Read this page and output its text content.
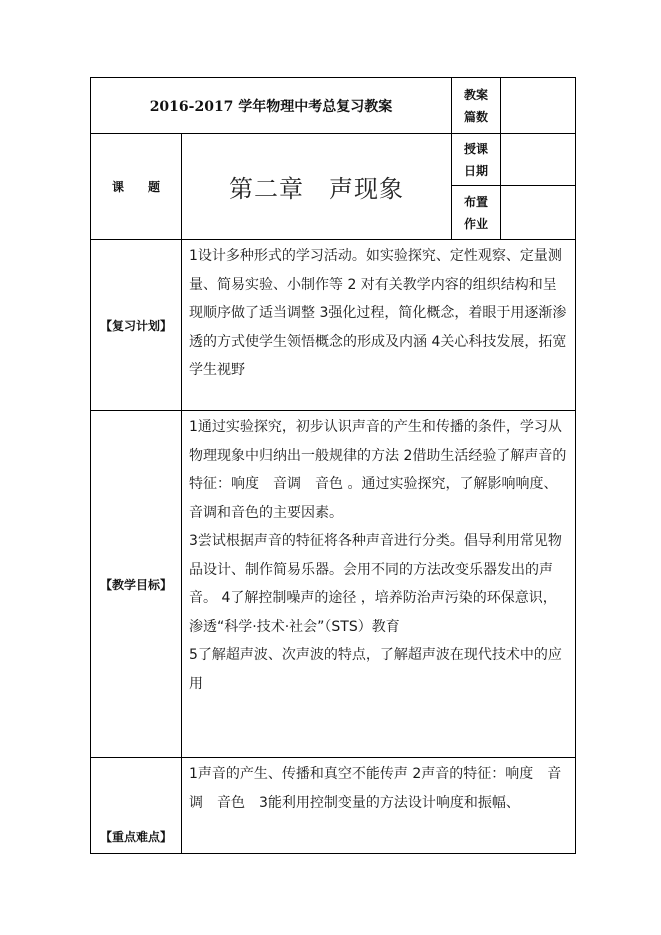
2016-2017 学年物理中考总复习教案		教案篇数	

课　　题	第二章　声现象	授课日期	

		布置作业	

【复习计划】	1设计多种形式的学习活动。如实验探究、定性观察、定量测量、简易实验、小制作等 2 对有关教学内容的组织结构和呈现顺序做了适当调整 3强化过程，简化概念，着眼于用逐渐渗透的方式使学生领悟概念的形成及内涵 4关心科技发展，拓宽学生视野		

【教学目标】	1通过实验探究，初步认识声音的产生和传播的条件，学习从物理现象中归纳出一般规律的方法 2借助生活经验了解声音的特征：响度　音调　音色 。通过实验探究，了解影响响度、音调和音色的主要因素。

3尝试根据声音的特征将各种声音进行分类。倡导利用常见物品设计、制作简易乐器。会用不同的方法改变乐器发出的声音。 4了解控制噪声的途径 ，培养防治声污染的环保意识，渗透“科学·技术·社会”（STS）教育

5了解超声波、次声波的特点，了解超声波在现代技术中的应用		

【重点难点】	1声音的产生、传播和真空不能传声 2声音的特征：响度　音调　音色　3能利用控制变量的方法设计响度和振幅、		
